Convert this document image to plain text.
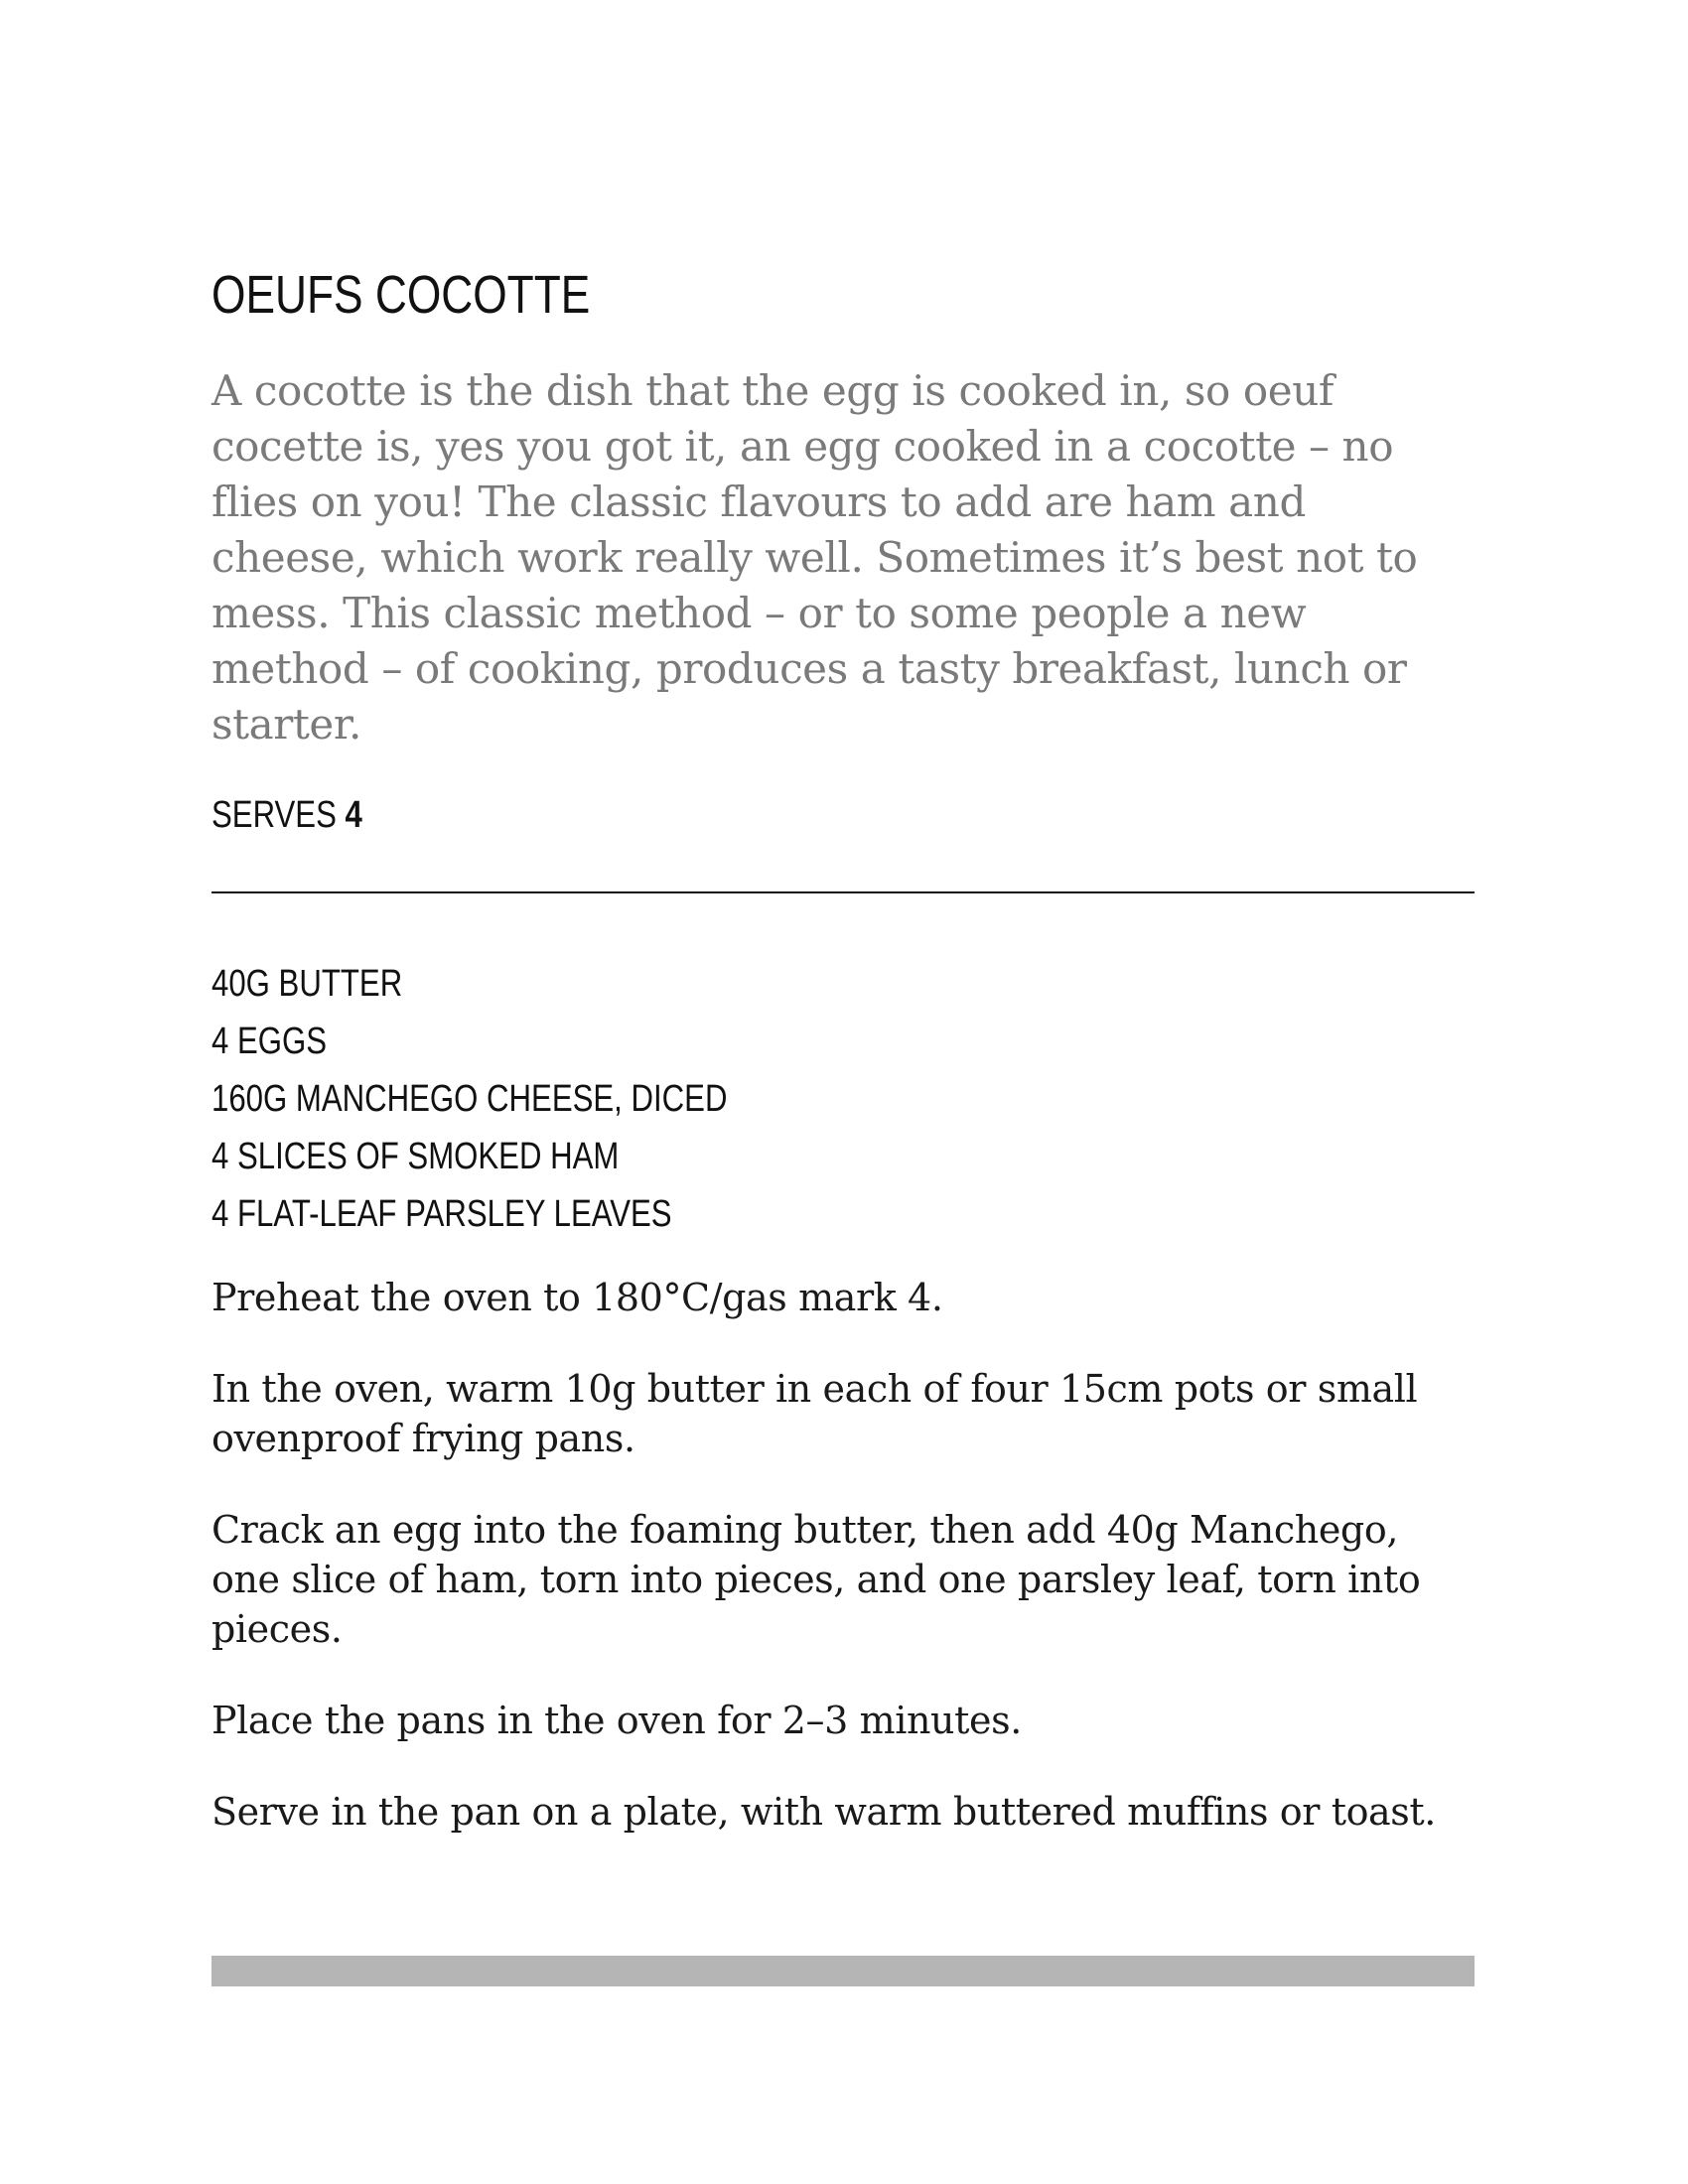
OEUFS COCOTTE

A cocotte is the dish that the egg is cooked in, so oeuf cocette is, yes you got it, an egg cooked in a cocotte – no flies on you! The classic flavours to add are ham and cheese, which work really well. Sometimes it’s best not to mess. This classic method – or to some people a new method – of cooking, produces a tasty breakfast, lunch or starter.

SERVES 4
40G BUTTER
4 EGGS
160G MANCHEGO CHEESE, DICED
4 SLICES OF SMOKED HAM
4 FLAT-LEAF PARSLEY LEAVES

Preheat the oven to 180°C/gas mark 4.

In the oven, warm 10g butter in each of four 15cm pots or small ovenproof frying pans.

Crack an egg into the foaming butter, then add 40g Manchego, one slice of ham, torn into pieces, and one parsley leaf, torn into pieces.

Place the pans in the oven for 2–3 minutes.

Serve in the pan on a plate, with warm buttered muffins or toast.
